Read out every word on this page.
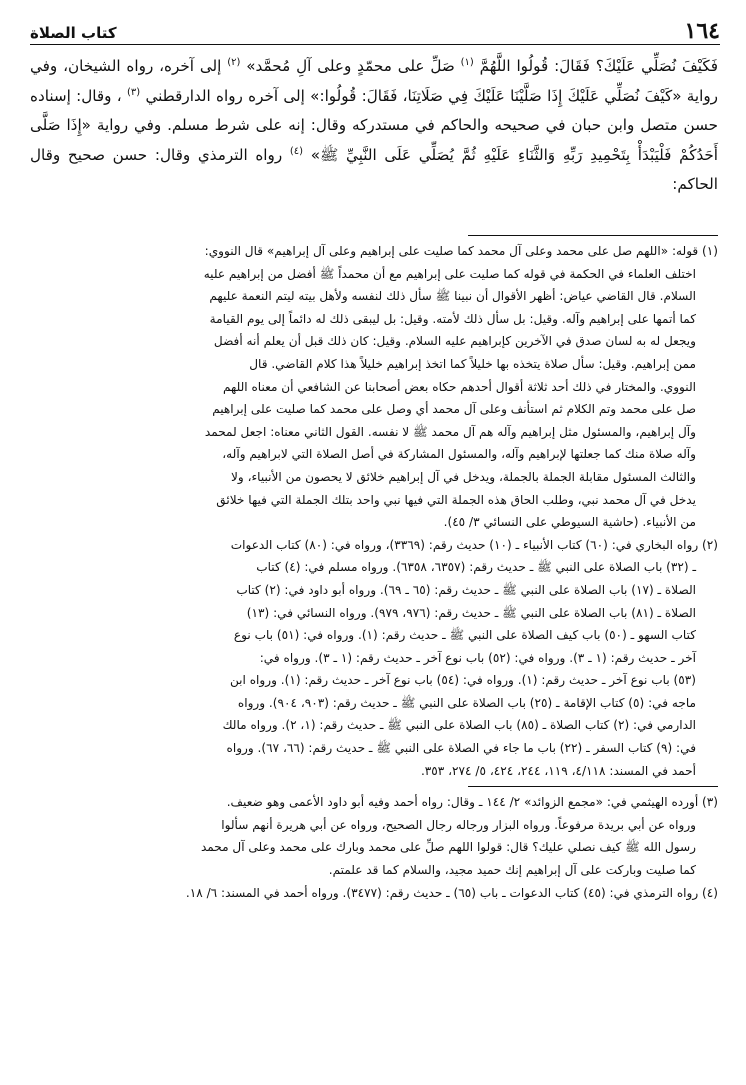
١٦٤
كتاب الصلاة

فَكَيْفَ نُصَلِّي عَلَيْكَ؟ فَقَالَ: قُولُوا اللَّهُمَّ $^{(١)}$ صَلِّ على محمّدٍ وعلى آلِ مُحمَّد» $^{(٢)}$ إلى آخره، رواه الشيخان، وفي رواية «كَيْفَ نُصَلِّي عَلَيْكَ إِذَا صَلَّيْنَا عَلَيْكَ فِي صَلَاتِنَا، فَقَالَ: قُولُوا:» إلى آخره رواه الدارقطني $^{(٣)}$ ، وقال: إسناده حسن متصل وابن حبان في صحيحه والحاكم في مستدركه وقال: إنه على شرط مسلم. وفي رواية «إِذَا صَلَّى أَحَدُكُمْ فَلْيَبْدَأْ بِتَحْمِيدِ رَبِّهِ وَالثَّنَاءِ عَلَيْهِ ثُمَّ يُصَلِّي عَلَى النَّبِيِّ ﷺ» $^{(٤)}$ رواه الترمذي وقال: حسن صحيح وقال الحاكم:

(١) قوله: «اللهم صل على محمد وعلى آل محمد كما صليت على إبراهيم وعلى آل إبراهيم» قال النووي:
اختلف العلماء في الحكمة في قوله كما صليت على إبراهيم مع أن محمداً ﷺ أفضل من إبراهيم عليه
السلام. قال القاضي عياض: أظهر الأقوال أن نبينا ﷺ سأل ذلك لنفسه ولأهل بيته ليتم النعمة عليهم
كما أتمها على إبراهيم وآله. وقيل: بل سأل ذلك لأمته. وقيل: بل ليبقى ذلك له دائماً إلى يوم القيامة
ويجعل له به لسان صدق في الآخرين كإبراهيم عليه السلام. وقيل: كان ذلك قبل أن يعلم أنه أفضل
ممن إبراهيم. وقيل: سأل صلاة يتخذه بها خليلاً كما اتخذ إبراهيم خليلاً هذا كلام القاضي. قال
النووي. والمختار في ذلك أحد ثلاثة أقوال أحدهم حكاه بعض أصحابنا عن الشافعي أن معناه اللهم
صل على محمد وتم الكلام ثم استأنف وعلى آل محمد أي وصل على محمد كما صليت على إبراهيم
وآل إبراهيم، والمسئول مثل إبراهيم وآله هم آل محمد ﷺ لا نفسه. القول الثاني معناه: اجعل لمحمد
وآله صلاة منك كما جعلتها لإبراهيم وآله، والمسئول المشاركة في أصل الصلاة التي لابراهيم وآله،
والثالث المسئول مقابلة الجملة بالجملة، ويدخل في آل إبراهيم خلائق لا يحصون من الأنبياء، ولا
يدخل في آل محمد نبي، وطلب الحاق هذه الجملة التي فيها نبي واحد بتلك الجملة التي فيها خلائق
من الأنبياء. (حاشية السيوطي على النسائي ٣/ ٤٥).
(٢) رواه البخاري في: (٦٠) كتاب الأنبياء ـ (١٠) حديث رقم: (٣٣٦٩)، ورواه في: (٨٠) كتاب الدعوات
ـ (٣٢) باب الصلاة على النبي ﷺ ـ حديث رقم: (٦٣٥٧، ٦٣٥٨). ورواه مسلم في: (٤) كتاب
الصلاة ـ (١٧) باب الصلاة على النبي ﷺ ـ حديث رقم: (٦٥ ـ ٦٩). ورواه أبو داود في: (٢) كتاب
الصلاة ـ (٨١) باب الصلاة على النبي ﷺ ـ حديث رقم: (٩٧٦، ٩٧٩). ورواه النسائي في: (١٣)
كتاب السهو ـ (٥٠) باب كيف الصلاة على النبي ﷺ ـ حديث رقم: (١). ورواه في: (٥١) باب نوع
آخر ـ حديث رقم: (١ ـ ٣). ورواه في: (٥٢) باب نوع آخر ـ حديث رقم: (١ ـ ٣). ورواه في:
(٥٣) باب نوع آخر ـ حديث رقم: (١). ورواه في: (٥٤) باب نوع آخر ـ حديث رقم: (١). ورواه ابن
ماجه في: (٥) كتاب الإقامة ـ (٢٥) باب الصلاة على النبي ﷺ ـ حديث رقم: (٩٠٣، ٩٠٤). ورواه
الدارمي في: (٢) كتاب الصلاة ـ (٨٥) باب الصلاة على النبي ﷺ ـ حديث رقم: (١، ٢). ورواه مالك
في: (٩) كتاب السفر ـ (٢٢) باب ما جاء في الصلاة على النبي ﷺ ـ حديث رقم: (٦٦، ٦٧). ورواه
أحمد في المسند: ٤/١١٨، ١١٩، ٢٤٤، ٤٢٤، ٥/ ٢٧٤، ٣٥٣.
(٣) أورده الهيثمي في: «مجمع الزوائد» ٢/ ١٤٤ ـ وقال: رواه أحمد وفيه أبو داود الأعمى وهو ضعيف.
ورواه عن أبي بريدة مرفوعاً. ورواه البزار ورجاله رجال الصحيح، ورواه عن أبي هريرة أنهم سألوا
رسول الله ﷺ كيف نصلي عليك؟ قال: قولوا اللهم صلِّ على محمد وبارك على محمد وعلى آل محمد
كما صليت وباركت على آل إبراهيم إنك حميد مجيد، والسلام كما قد علمتم.
(٤) رواه الترمذي في: (٤٥) كتاب الدعوات ـ باب (٦٥) ـ حديث رقم: (٣٤٧٧). ورواه أحمد في المسند: ٦/ ١٨.
